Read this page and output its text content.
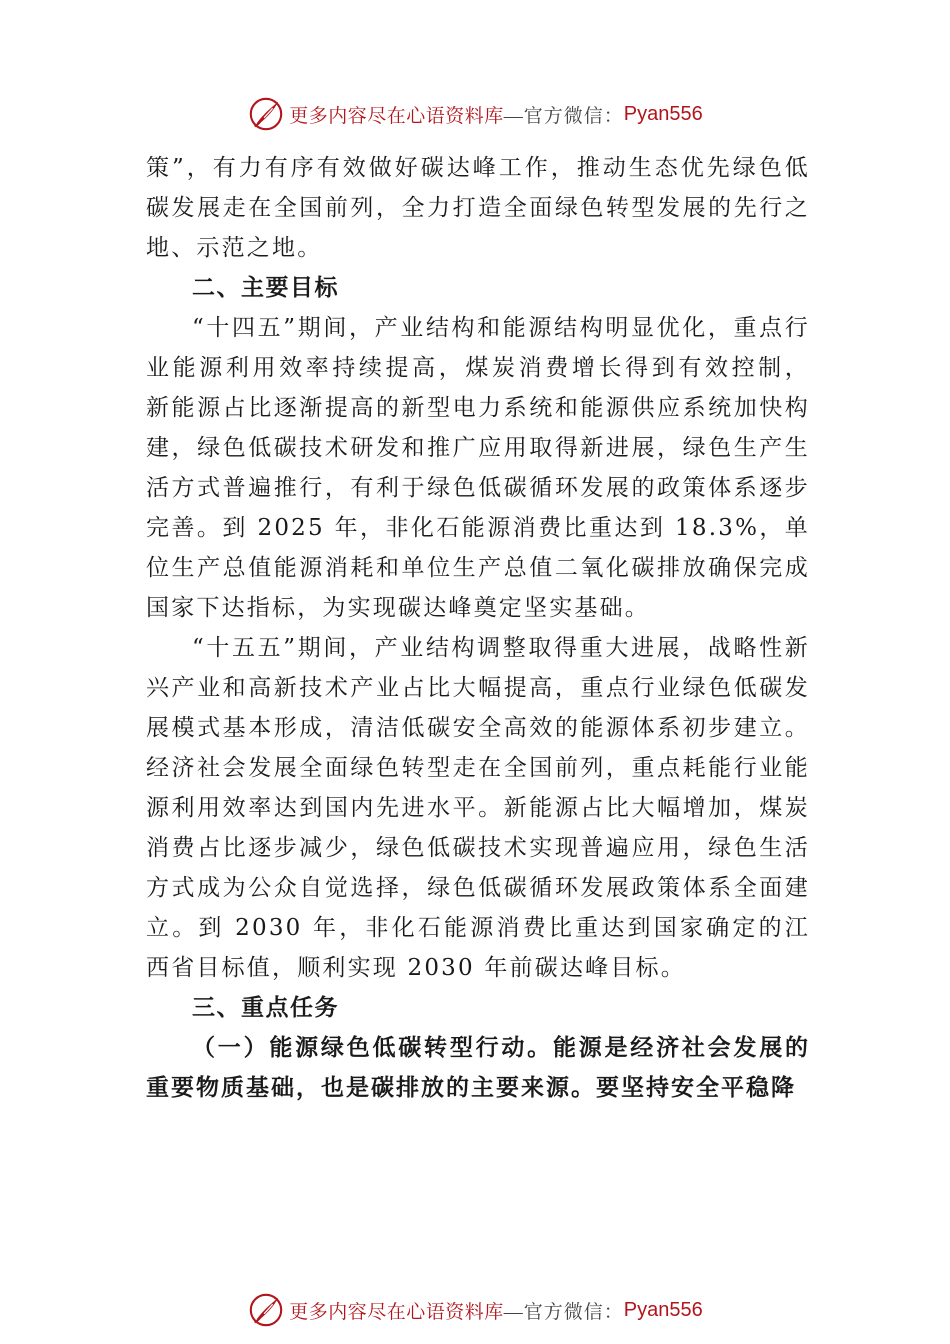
更多内容尽在心语资料库 —官方微信： Pyan556

策”，有力有序有效做好碳达峰工作，推动生态优先绿色低碳发展走在全国前列，全力打造全面绿色转型发展的先行之地、示范之地。

二、主要目标

“十四五”期间，产业结构和能源结构明显优化，重点行业能源利用效率持续提高，煤炭消费增长得到有效控制， 新能源占比逐渐提高的新型电力系统和能源供应系统加快构建，绿色低碳技术研发和推广应用取得新进展，绿色生产生活方式普遍推行，有利于绿色低碳循环发展的政策体系逐步完善。到 2025 年，非化石能源消费比重达到 18.3%，单位生产总值能源消耗和单位生产总值二氧化碳排放确保完成国家下达指标，为实现碳达峰奠定坚实基础。

“十五五”期间，产业结构调整取得重大进展，战略性新兴产业和高新技术产业占比大幅提高，重点行业绿色低碳发展模式基本形成，清洁低碳安全高效的能源体系初步建立。经济社会发展全面绿色转型走在全国前列，重点耗能行业能源利用效率达到国内先进水平。新能源占比大幅增加，煤炭消费占比逐步减少，绿色低碳技术实现普遍应用，绿色生活方式成为公众自觉选择，绿色低碳循环发展政策体系全面建立。到 2030 年，非化石能源消费比重达到国家确定的江西省目标值，顺利实现 2030 年前碳达峰目标。

三、重点任务

（一）能源绿色低碳转型行动。能源是经济社会发展的重要物质基础，也是碳排放的主要来源。要坚持安全平稳降

更多内容尽在心语资料库 —官方微信： Pyan556
